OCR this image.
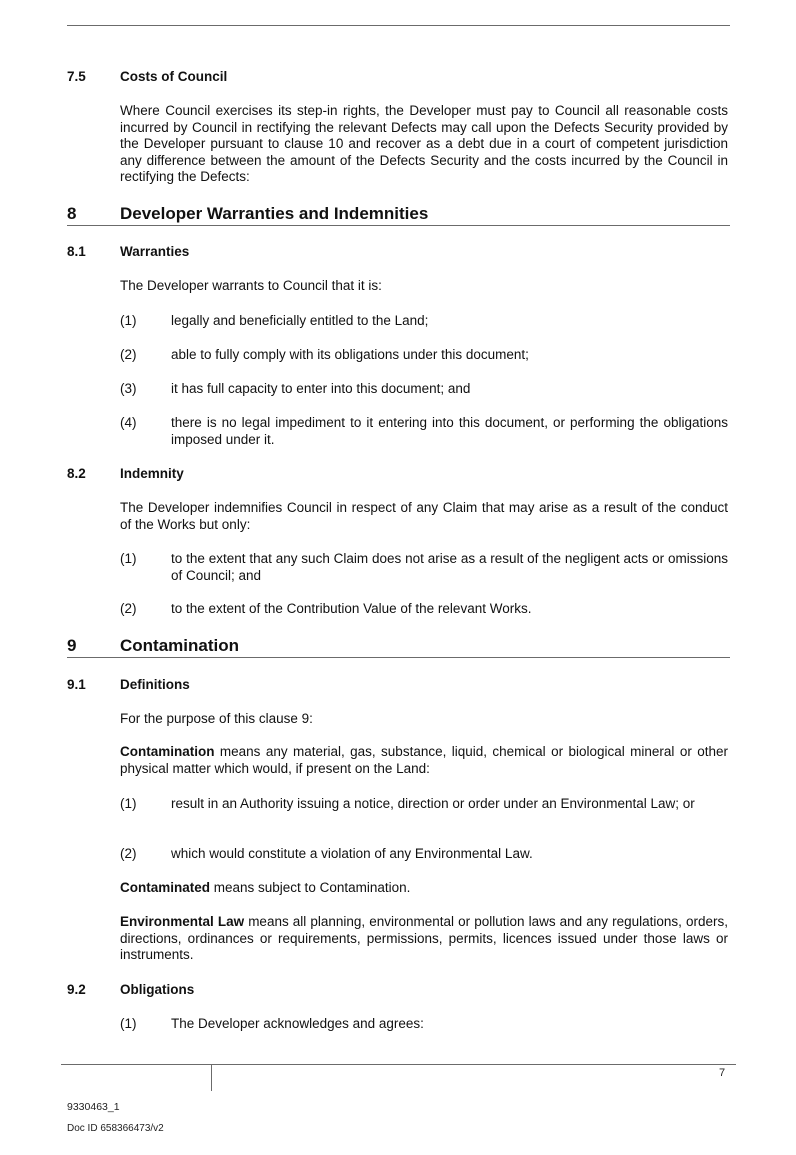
7.5	Costs of Council
Where Council exercises its step-in rights, the Developer must pay to Council all reasonable costs incurred by Council in rectifying the relevant Defects may call upon the Defects Security provided by the Developer pursuant to clause 10 and recover as a debt due in a court of competent jurisdiction any difference between the amount of the Defects Security and the costs incurred by the Council in rectifying the Defects:
8	Developer Warranties and Indemnities
8.1	Warranties
The Developer warrants to Council that it is:
(1)	legally and beneficially entitled to the Land;
(2)	able to fully comply with its obligations under this document;
(3)	it has full capacity to enter into this document; and
(4)	there is no legal impediment to it entering into this document, or performing the obligations imposed under it.
8.2	Indemnity
The Developer indemnifies Council in respect of any Claim that may arise as a result of the conduct of the Works but only:
(1)	to the extent that any such Claim does not arise as a result of the negligent acts or omissions of Council; and
(2)	to the extent of the Contribution Value of the relevant Works.
9	Contamination
9.1	Definitions
For the purpose of this clause 9:
Contamination means any material, gas, substance, liquid, chemical or biological mineral or other physical matter which would, if present on the Land:
(1)	result in an Authority issuing a notice, direction or order under an Environmental Law; or
(2)	which would constitute a violation of any Environmental Law.
Contaminated means subject to Contamination.
Environmental Law means all planning, environmental or pollution laws and any regulations, orders, directions, ordinances or requirements, permissions, permits, licences issued under those laws or instruments.
9.2	Obligations
(1)	The Developer acknowledges and agrees:
7
9330463_1
Doc ID 658366473/v2
